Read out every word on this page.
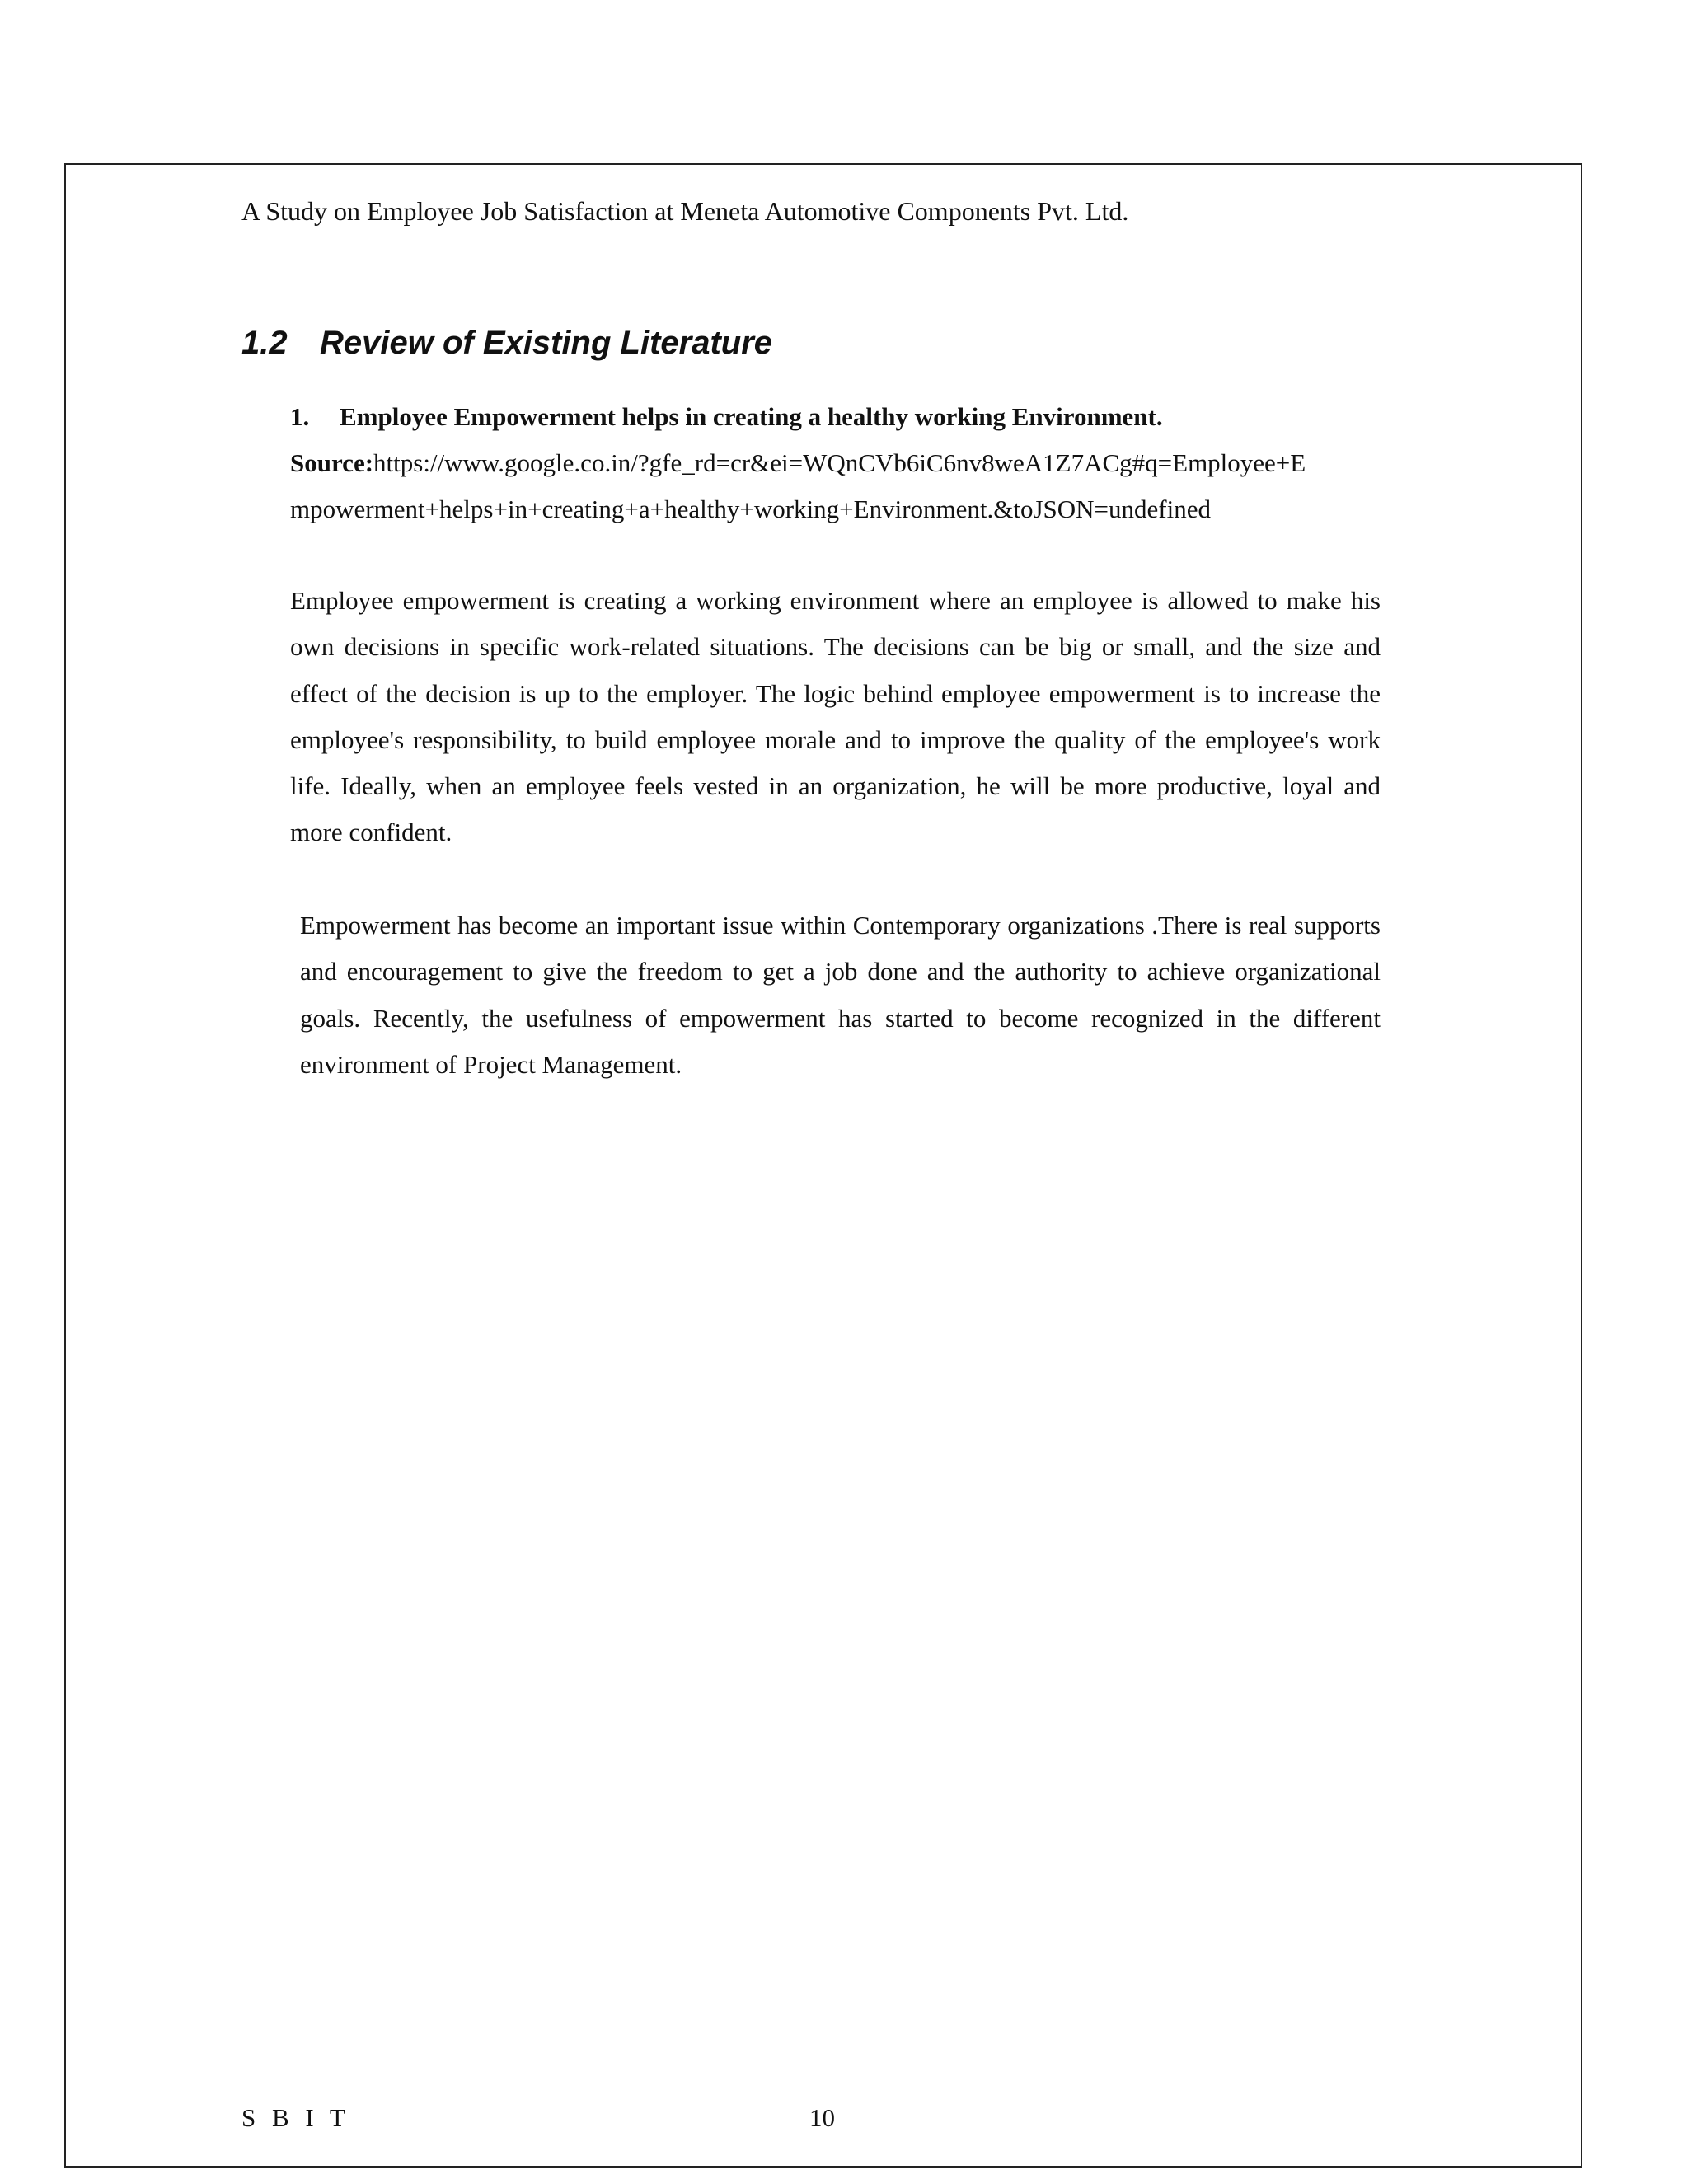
A Study on Employee Job Satisfaction at Meneta Automotive Components Pvt. Ltd.
1.2 Review of Existing Literature
1. Employee Empowerment helps in creating a healthy working Environment.
Source:https://www.google.co.in/?gfe_rd=cr&ei=WQnCVb6iC6nv8weA1Z7ACg#q=Employee+E
mpowerment+helps+in+creating+a+healthy+working+Environment.&toJSON=undefined

Employee empowerment is creating a working environment where an employee is allowed to make his own decisions in specific work-related situations. The decisions can be big or small, and the size and effect of the decision is up to the employer. The logic behind employee empowerment is to increase the employee's responsibility, to build employee morale and to improve the quality of the employee's work life. Ideally, when an employee feels vested in an organization, he will be more productive, loyal and more confident.

Empowerment has become an important issue within Contemporary organizations .There is real supports and encouragement to give the freedom to get a job done and the authority to achieve organizational goals. Recently, the usefulness of empowerment has started to become recognized in the different environment of Project Management.

S B I T	10
